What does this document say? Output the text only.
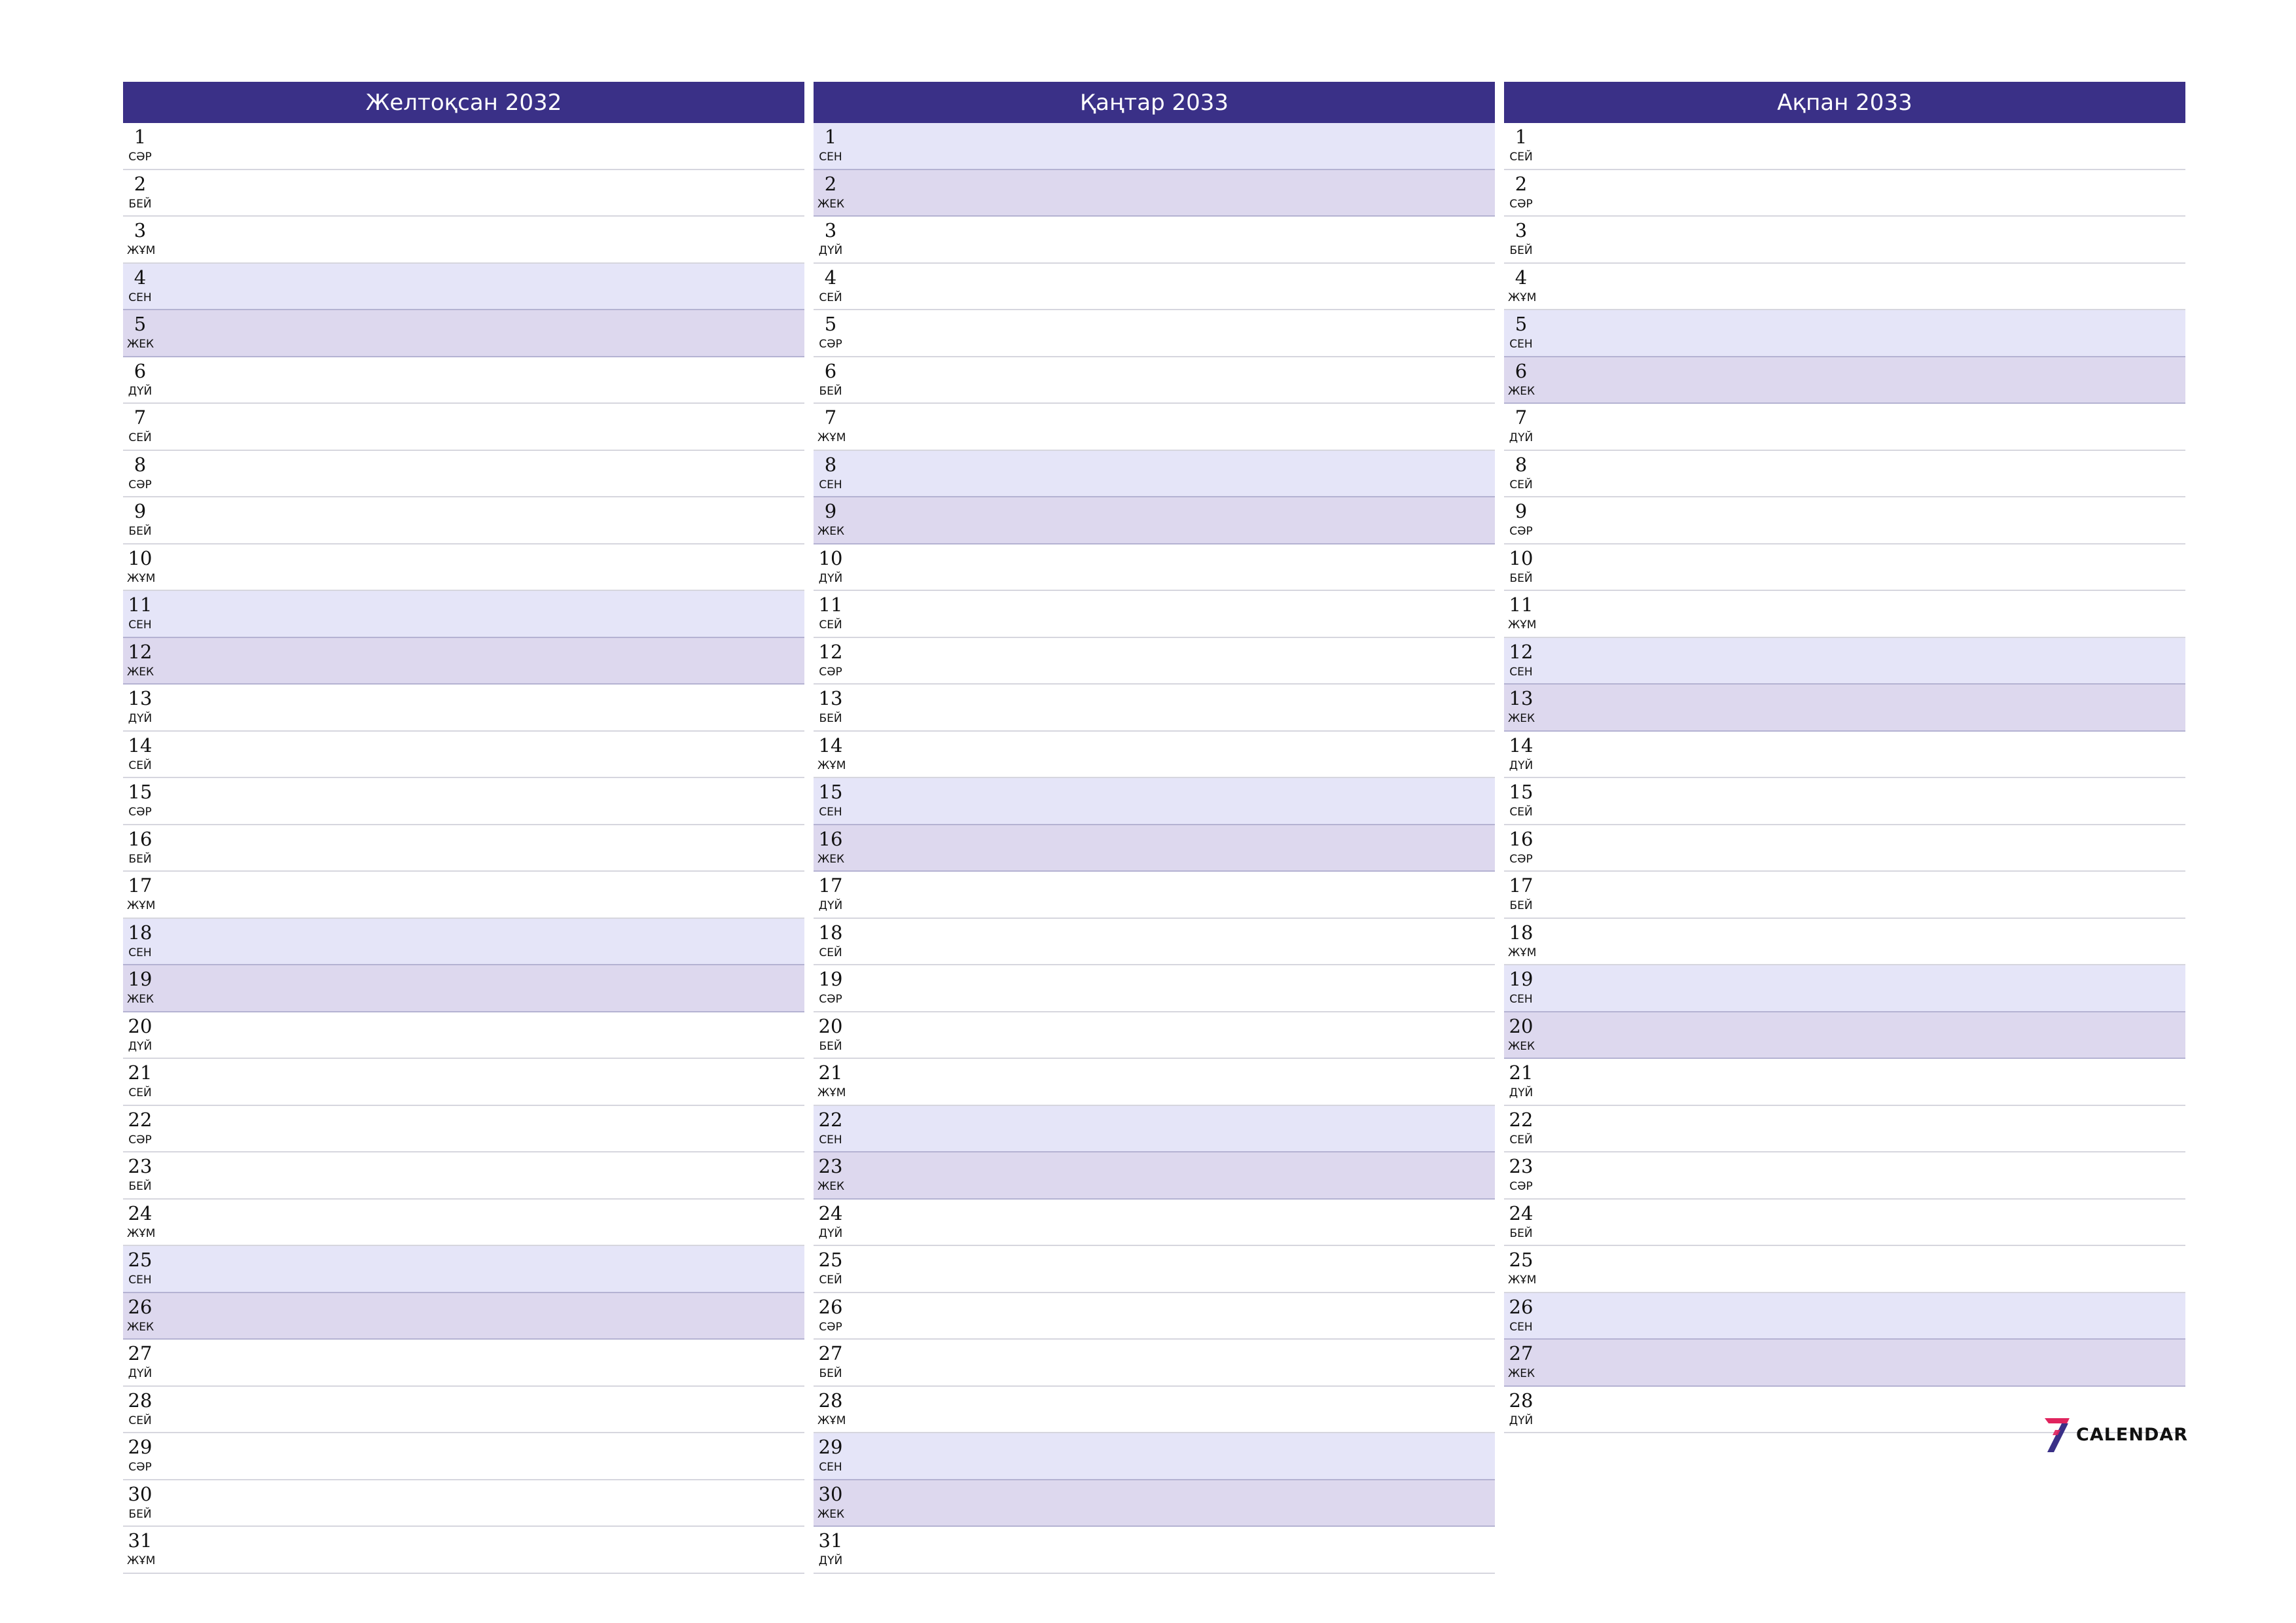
Желтоқсан 2032
1
СӘР
2
БЕЙ
3
ЖҰМ
4
СЕН
5
ЖЕК
6
ДҮЙ
7
СЕЙ
8
СӘР
9
БЕЙ
10
ЖҰМ
11
СЕН
12
ЖЕК
13
ДҮЙ
14
СЕЙ
15
СӘР
16
БЕЙ
17
ЖҰМ
18
СЕН
19
ЖЕК
20
ДҮЙ
21
СЕЙ
22
СӘР
23
БЕЙ
24
ЖҰМ
25
СЕН
26
ЖЕК
27
ДҮЙ
28
СЕЙ
29
СӘР
30
БЕЙ
31
ЖҰМ
Қаңтар 2033
1
СЕН
2
ЖЕК
3
ДҮЙ
4
СЕЙ
5
СӘР
6
БЕЙ
7
ЖҰМ
8
СЕН
9
ЖЕК
10
ДҮЙ
11
СЕЙ
12
СӘР
13
БЕЙ
14
ЖҰМ
15
СЕН
16
ЖЕК
17
ДҮЙ
18
СЕЙ
19
СӘР
20
БЕЙ
21
ЖҰМ
22
СЕН
23
ЖЕК
24
ДҮЙ
25
СЕЙ
26
СӘР
27
БЕЙ
28
ЖҰМ
29
СЕН
30
ЖЕК
31
ДҮЙ
Ақпан 2033
1
СЕЙ
2
СӘР
3
БЕЙ
4
ЖҰМ
5
СЕН
6
ЖЕК
7
ДҮЙ
8
СЕЙ
9
СӘР
10
БЕЙ
11
ЖҰМ
12
СЕН
13
ЖЕК
14
ДҮЙ
15
СЕЙ
16
СӘР
17
БЕЙ
18
ЖҰМ
19
СЕН
20
ЖЕК
21
ДҮЙ
22
СЕЙ
23
СӘР
24
БЕЙ
25
ЖҰМ
26
СЕН
27
ЖЕК
28
ДҮЙ
CALENDAR
